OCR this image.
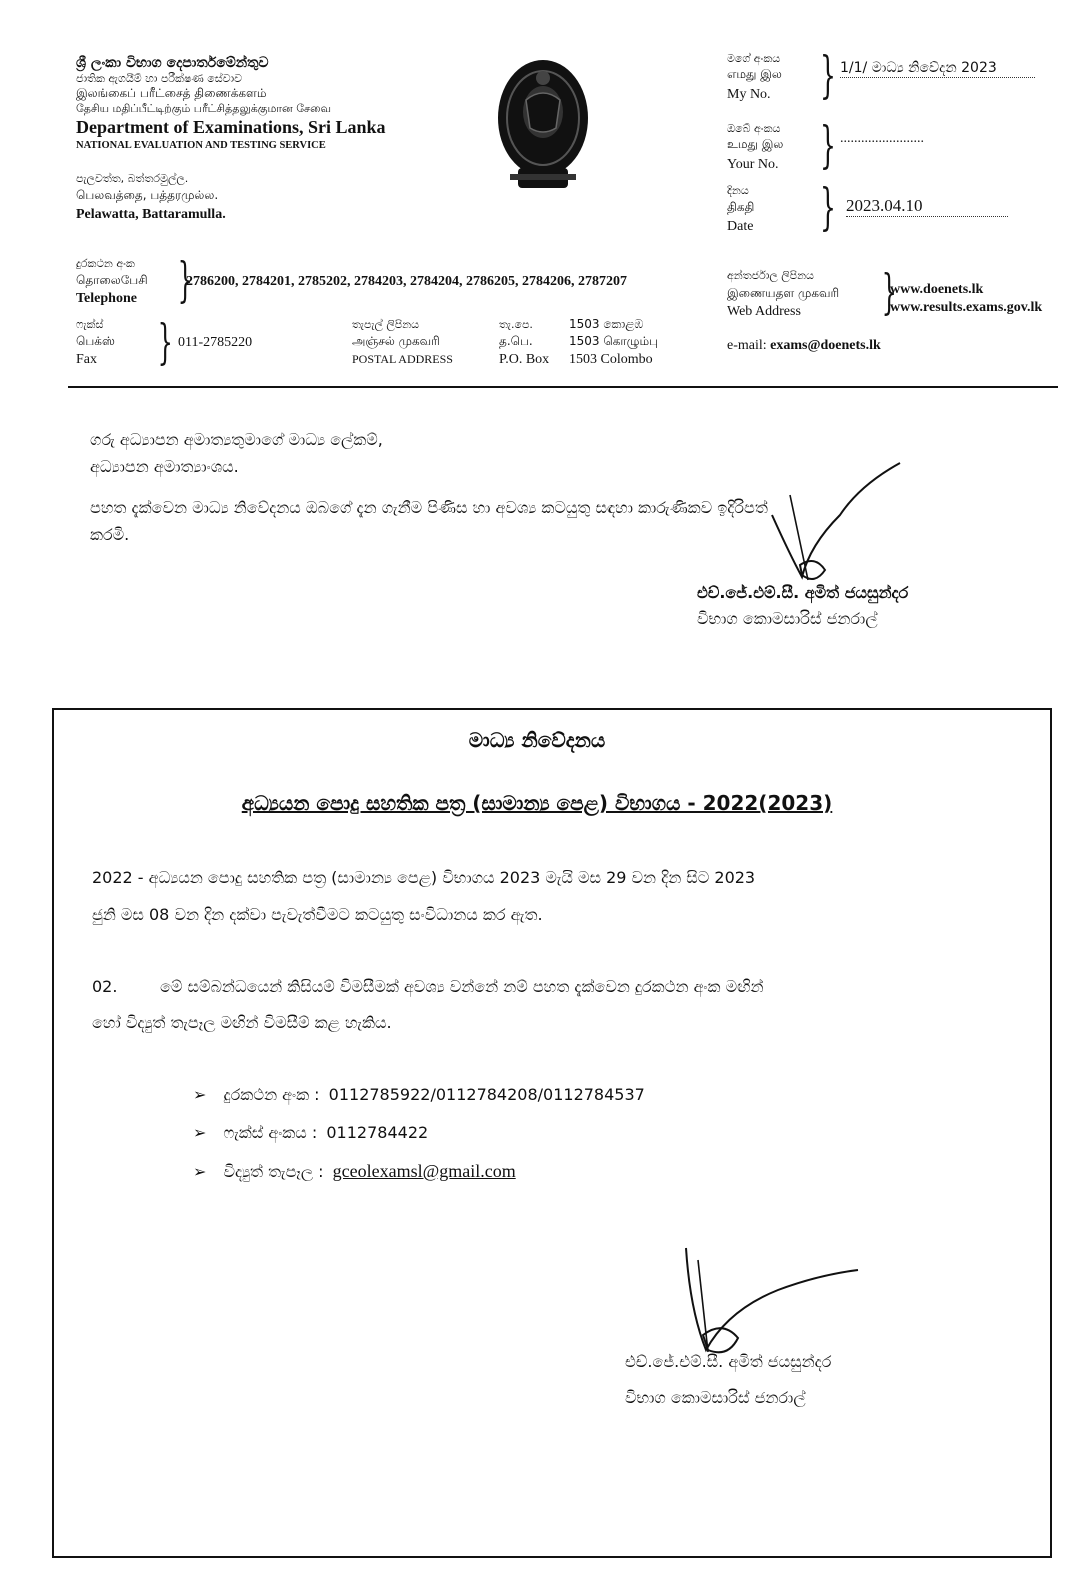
ශ්‍රී ලංකා විභාග දෙපාර්තමේන්තුව
ජාතික ඇගයීම් හා පරීක්ෂණ සේවාව
இலங்கைப் பரீட்சைத் திணைக்களம்
தேசிய மதிப்பீட்டிற்கும் பரீட்சித்தலுக்குமான சேவை
Department of Examinations, Sri Lanka
NATIONAL EVALUATION AND TESTING SERVICE
පැලවත්ත, බත්තරමුල්ල.
பெலவத்தை, பத்தரமுல்ல.
Pelawatta, Battaramulla.
දුරකථන අංක
தொலைபேசி
Telephone }
2786200, 2784201, 2785202, 2784203, 2784204, 2786205, 2784206, 2787207
ෆැක්ස්
பெக்ஸ்
Fax } 011-2785220
තැපැල් ලිපිනය
அஞ்சல் முகவரி
POSTAL ADDRESS
තැ.පෙ.
த.பெ.
P.O. Box
1503 කොළඹ
1503 கொழும்பு
1503 Colombo
මගේ අංකය
எமது இல
My No. } 1/1/ මාධ්‍ය නිවේදන 2023
ඔබේ අංකය
உமது இல
Your No. } ........................
දිනය
திகதி
Date } 2023.04.10
අන්තර්ජාල ලිපිනය
இணையதள முகவரி
Web Address }
www.doenets.lk
www.results.exams.gov.lk
e-mail: exams@doenets.lk
ගරු අධ්‍යාපන අමාත්‍යතුමාගේ මාධ්‍ය ලේකම්,
අධ්‍යාපන අමාත්‍යාංශය.
පහත දැක්වෙන මාධ්‍ය නිවේදනය ඔබගේ දැන ගැනීම පිණිස හා අවශ්‍ය කටයුතු සඳහා කාරුණිකව ඉදිරිපත්
කරමි.
එච්.ජේ.එම්.සී. අමිත් ජයසුන්දර
විභාග කොමසාරිස් ජනරාල්
මාධ්‍ය නිවේදනය
අධ්‍යයන පොදු සහතික පත්‍ර (සාමාන්‍ය පෙළ) විභාගය - 2022(2023)
2022 - අධ්‍යයන පොදු සහතික පත්‍ර (සාමාන්‍ය පෙළ) විභාගය 2023 මැයි මස 29 වන දින සිට 2023
ජුනි මස 08 වන දින දක්වා පැවැත්වීමට කටයුතු සංවිධානය කර ඇත.
02.	මේ සම්බන්ධයෙන් කිසියම් විමසීමක් අවශ්‍ය වන්නේ නම් පහත දැක්වෙන දුරකථන අංක මඟින්
හෝ විද්‍යුත් තැපෑල මඟින් විමසීම් කළ හැකිය.
➢ දුරකථන අංක : 0112785922/0112784208/0112784537
➢ ෆැක්ස් අංකය : 0112784422
➢ විද්‍යුත් තැපෑල : gceolexamsl@gmail.com
එච්.ජේ.එම්.සී. අමිත් ජයසුන්දර
විභාග කොමසාරිස් ජනරාල්
